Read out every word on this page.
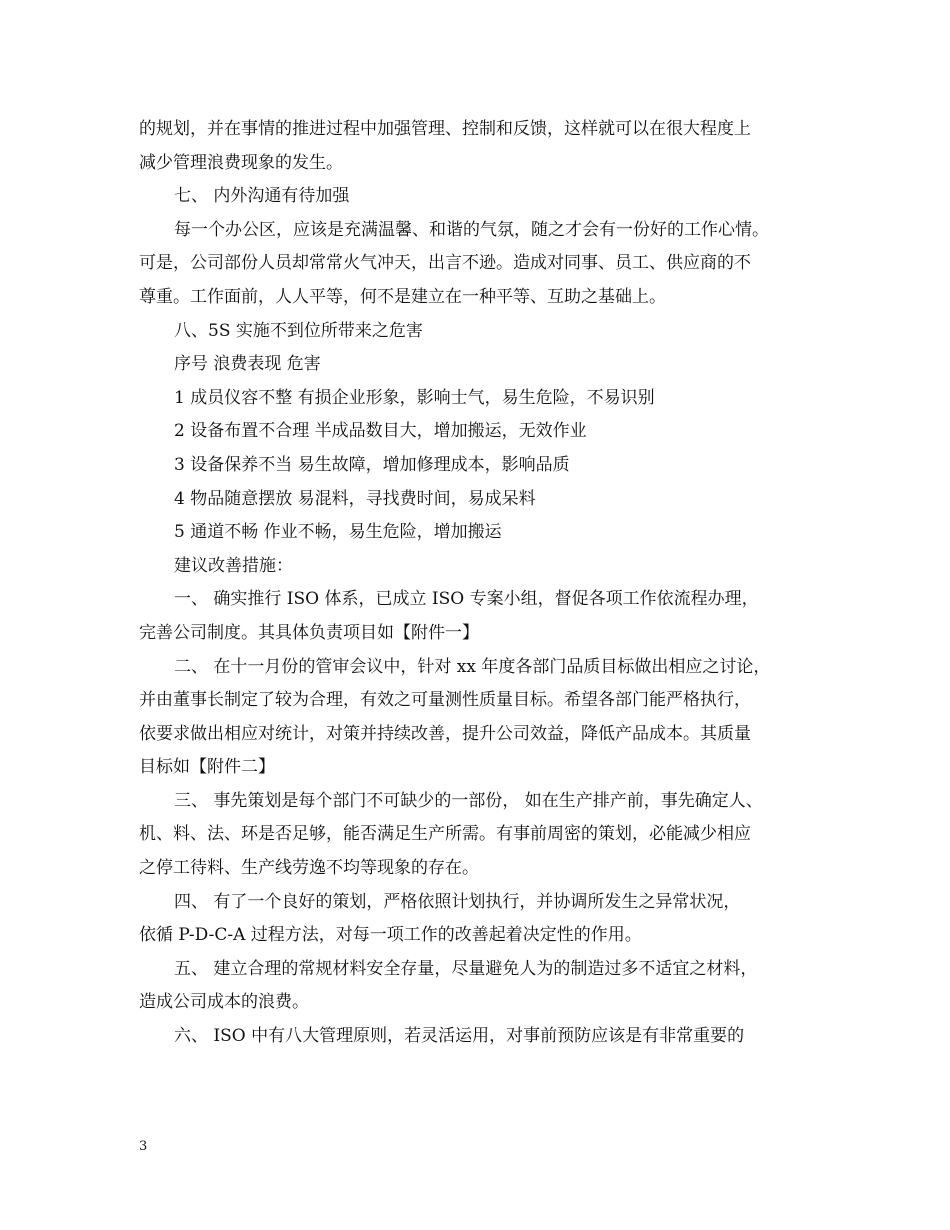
的规划，并在事情的推进过程中加强管理、控制和反馈，这样就可以在很大程度上
减少管理浪费现象的发生。
七、 内外沟通有待加强
每一个办公区，应该是充满温馨、和谐的气氛，随之才会有一份好的工作心情。
可是，公司部份人员却常常火气冲天，出言不逊。造成对同事、员工、供应商的不
尊重。工作面前，人人平等，何不是建立在一种平等、互助之基础上。
八、5S 实施不到位所带来之危害
序号 浪费表现 危害
1 成员仪容不整 有损企业形象，影响士气，易生危险，不易识别
2 设备布置不合理 半成品数目大，增加搬运，无效作业
3 设备保养不当 易生故障，增加修理成本，影响品质
4 物品随意摆放 易混料，寻找费时间，易成呆料
5 通道不畅 作业不畅，易生危险，增加搬运
建议改善措施：
一、 确实推行 ISO 体系，已成立 ISO 专案小组，督促各项工作依流程办理，
完善公司制度。其具体负责项目如【附件一】
二、 在十一月份的管审会议中，针对 xx 年度各部门品质目标做出相应之讨论，
并由董事长制定了较为合理，有效之可量测性质量目标。希望各部门能严格执行，
依要求做出相应对统计，对策并持续改善，提升公司效益，降低产品成本。其质量
目标如【附件二】
三、 事先策划是每个部门不可缺少的一部份， 如在生产排产前，事先确定人、
机、料、法、环是否足够，能否满足生产所需。有事前周密的策划，必能减少相应
之停工待料、生产线劳逸不均等现象的存在。
四、 有了一个良好的策划，严格依照计划执行，并协调所发生之异常状况，
依循 P-D-C-A 过程方法，对每一项工作的改善起着决定性的作用。
五、 建立合理的常规材料安全存量，尽量避免人为的制造过多不适宜之材料，
造成公司成本的浪费。
六、 ISO 中有八大管理原则，若灵活运用，对事前预防应该是有非常重要的
3
